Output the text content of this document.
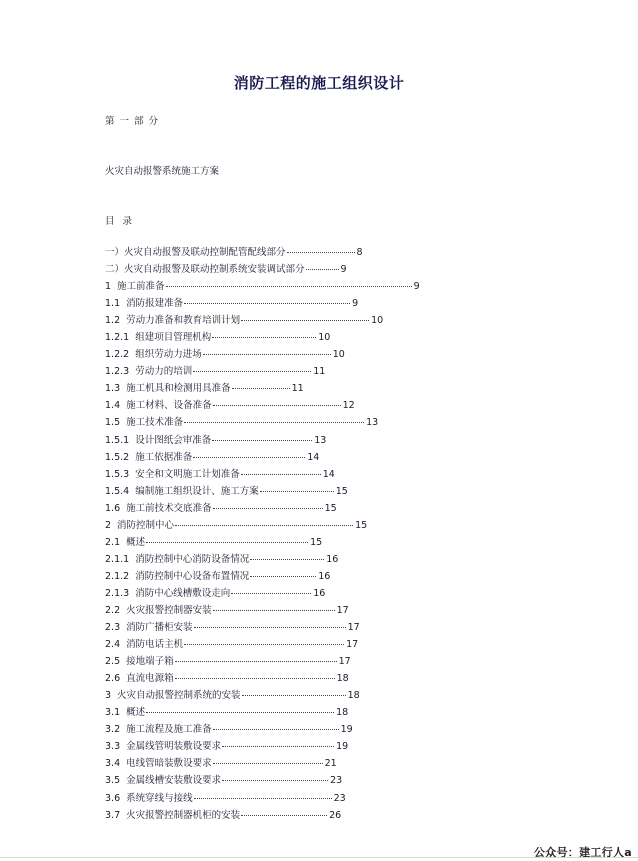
消防工程的施工组织设计
第一部分
火灾自动报警系统施工方案
目录
一）火灾自动报警及联动控制配管配线部分	8
二）火灾自动报警及联动控制系统安装调试部分	9
1 施工前准备	9
1.1 消防报建准备	9
1.2 劳动力准备和教育培训计划	10
1.2.1 组建项目管理机构	10
1.2.2 组织劳动力进场	10
1.2.3 劳动力的培训	11
1.3 施工机具和检测用具准备	11
1.4 施工材料、设备准备	12
1.5 施工技术准备	13
1.5.1 设计图纸会审准备	13
1.5.2 施工依据准备	14
1.5.3 安全和文明施工计划准备	14
1.5.4 编制施工组织设计、施工方案	15
1.6 施工前技术交底准备	15
2 消防控制中心	15
2.1 概述	15
2.1.1 消防控制中心消防设备情况	16
2.1.2 消防控制中心设备布置情况	16
2.1.3 消防中心线槽敷设走向	16
2.2 火灾报警控制器安装	17
2.3 消防广播柜安装	17
2.4 消防电话主机	17
2.5 接地端子箱	17
2.6 直流电源箱	18
3 火灾自动报警控制系统的安装	18
3.1 概述	18
3.2 施工流程及施工准备	19
3.3 金属线管明装敷设要求	19
3.4 电线管暗装敷设要求	21
3.5 金属线槽安装敷设要求	23
3.6 系统穿线与接线	23
3.7 火灾报警控制器机柜的安装	26
公众号：建工行人a
